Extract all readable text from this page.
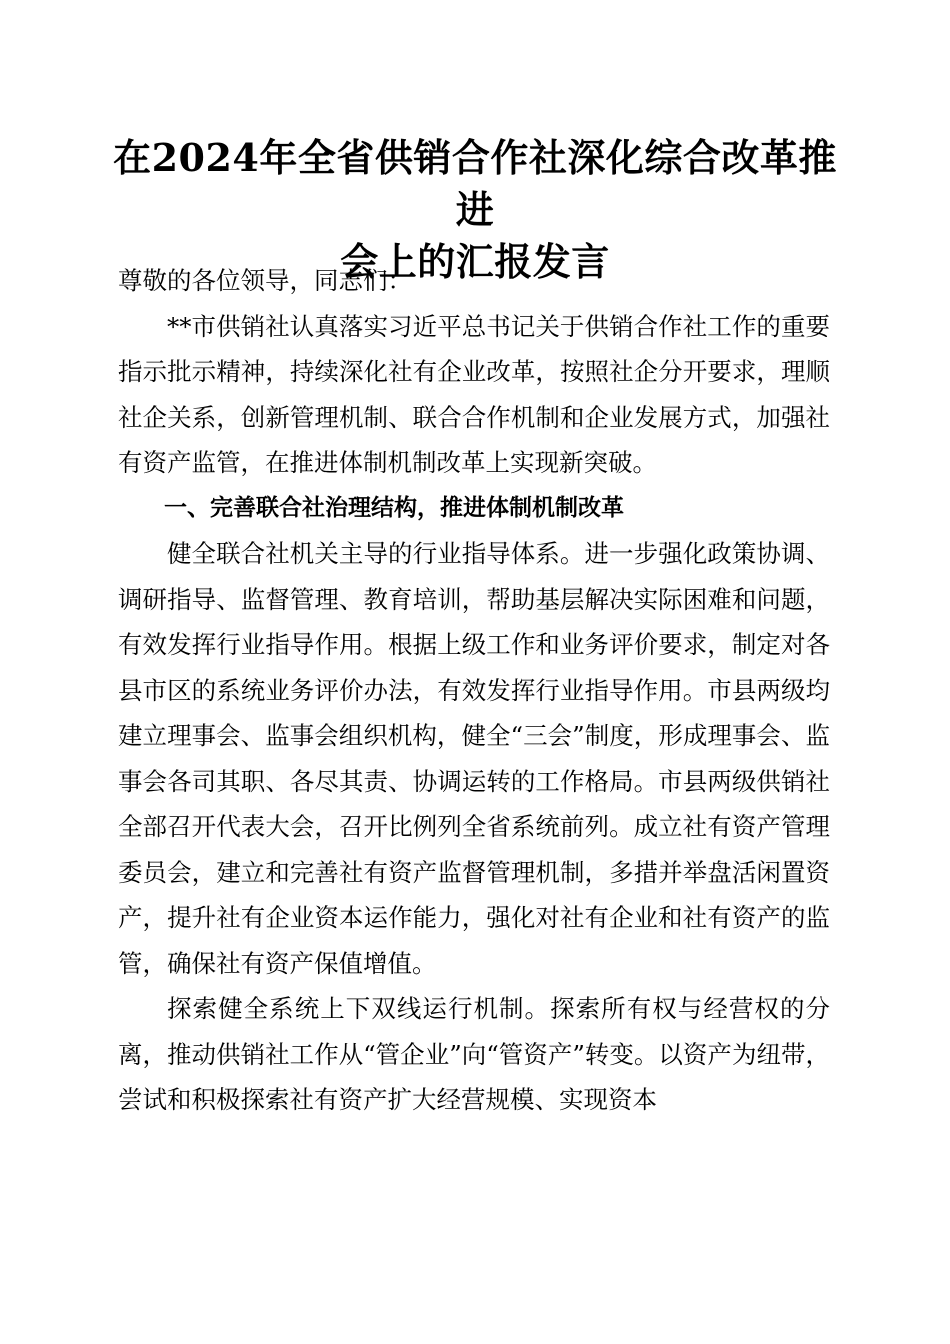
在2024年全省供销合作社深化综合改革推进
会上的汇报发言

尊敬的各位领导，同志们：

**市供销社认真落实习近平总书记关于供销合作社工作的重要指示批示精神，持续深化社有企业改革，按照社企分开要求，理顺社企关系，创新管理机制、联合合作机制和企业发展方式，加强社有资产监管，在推进体制机制改革上实现新突破。

一、完善联合社治理结构，推进体制机制改革

健全联合社机关主导的行业指导体系。进一步强化政策协调、调研指导、监督管理、教育培训，帮助基层解决实际困难和问题，有效发挥行业指导作用。根据上级工作和业务评价要求，制定对各县市区的系统业务评价办法，有效发挥行业指导作用。市县两级均建立理事会、监事会组织机构，健全“三会”制度，形成理事会、监事会各司其职、各尽其责、协调运转的工作格局。市县两级供销社全部召开代表大会，召开比例列全省系统前列。成立社有资产管理委员会，建立和完善社有资产监督管理机制，多措并举盘活闲置资产，提升社有企业资本运作能力，强化对社有企业和社有资产的监管，确保社有资产保值增值。

探索健全系统上下双线运行机制。探索所有权与经营权的分离，推动供销社工作从“管企业”向“管资产”转变。以资产为纽带，尝试和积极探索社有资产扩大经营规模、实现资本
